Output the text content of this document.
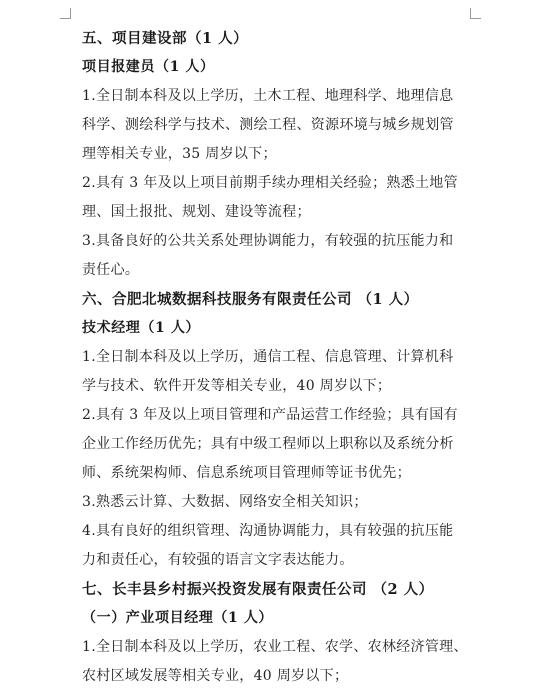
五、项目建设部（1 人）
项目报建员（1 人）
1.全日制本科及以上学历，土木工程、地理科学、地理信息
科学、测绘科学与技术、测绘工程、资源环境与城乡规划管
理等相关专业，35 周岁以下；
2.具有 3 年及以上项目前期手续办理相关经验；熟悉土地管
理、国土报批、规划、建设等流程；
3.具备良好的公共关系处理协调能力，有较强的抗压能力和
责任心。
六、合肥北城数据科技服务有限责任公司 （1 人）
技术经理（1 人）
1.全日制本科及以上学历，通信工程、信息管理、计算机科
学与技术、软件开发等相关专业，40 周岁以下；
2.具有 3 年及以上项目管理和产品运营工作经验；具有国有
企业工作经历优先；具有中级工程师以上职称以及系统分析
师、系统架构师、信息系统项目管理师等证书优先；
3.熟悉云计算、大数据、网络安全相关知识；
4.具有良好的组织管理、沟通协调能力，具有较强的抗压能
力和责任心，有较强的语言文字表达能力。
七、长丰县乡村振兴投资发展有限责任公司 （2 人）
（一）产业项目经理（1 人）
1.全日制本科及以上学历，农业工程、农学、农林经济管理、
农村区域发展等相关专业，40 周岁以下；
